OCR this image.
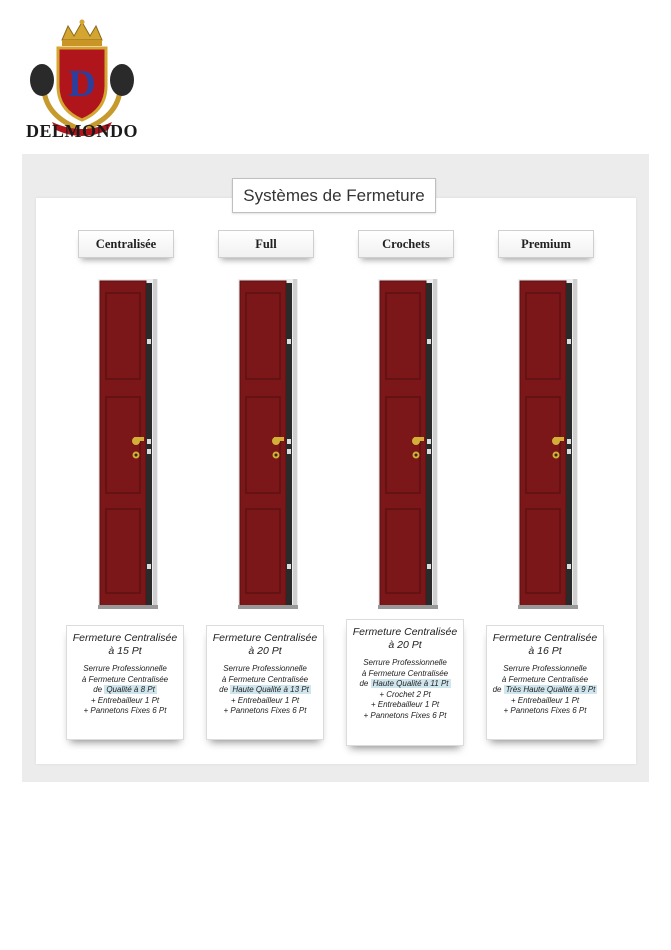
D
DELMONDO
Systèmes de Fermeture
Centralisée
Fermeture Centralisée
à 15 Pt
Serrure Professionnelle
à Fermeture Centralisée
de Qualité à 8 Pt
+ Entrebailleur 1 Pt
+ Pannetons Fixes 6 Pt
Full
Fermeture Centralisée
à 20 Pt
Serrure Professionnelle
à Fermeture Centralisée
de Haute Qualité à 13 Pt
+ Entrebailleur 1 Pt
+ Pannetons Fixes 6 Pt
Crochets
Fermeture Centralisée
à 20 Pt
Serrure Professionnelle
à Fermeture Centralisée
de Haute Qualité à 11 Pt
+ Crochet 2 Pt
+ Entrebailleur 1 Pt
+ Pannetons Fixes 6 Pt
Premium
Fermeture Centralisée
à 16 Pt
Serrure Professionnelle
à Fermeture Centralisée
de Très Haute Qualité à 9 Pt
+ Entrebailleur 1 Pt
+ Pannetons Fixes 6 Pt
